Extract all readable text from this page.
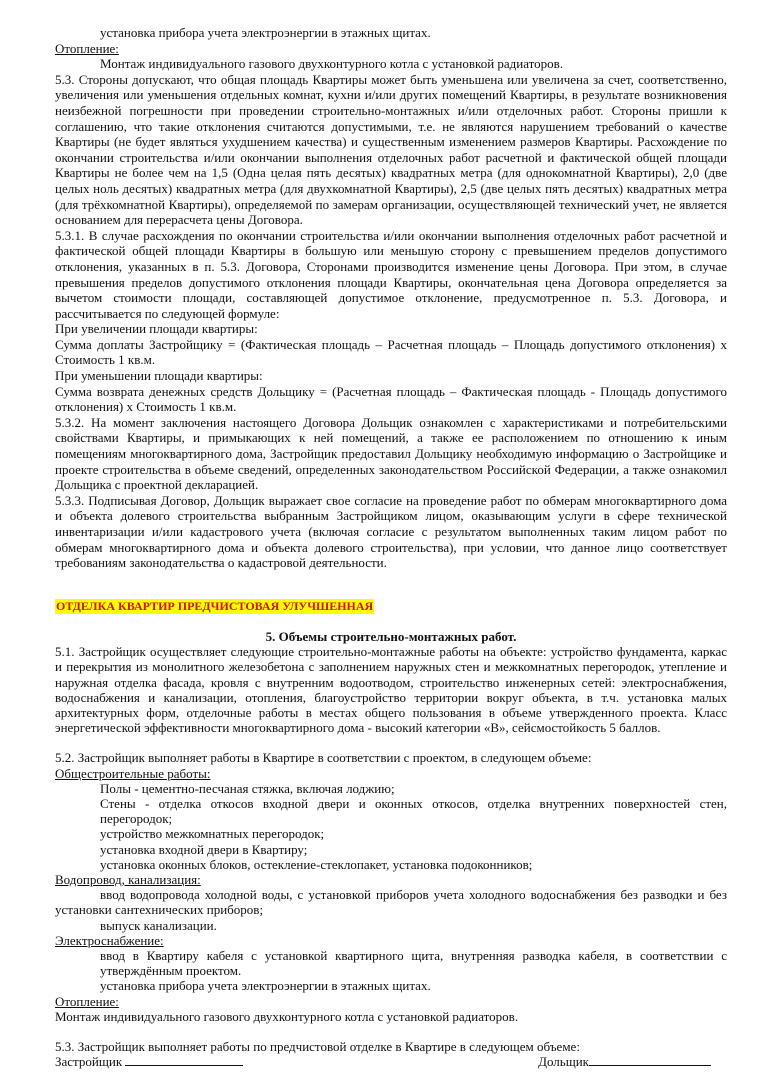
установка прибора учета электроэнергии в этажных щитах.

Отопление:

Монтаж индивидуального газового двухконтурного котла с установкой радиаторов.

5.3. Стороны допускают, что общая площадь Квартиры может быть уменьшена или увеличена за счет, соответственно, увеличения или уменьшения отдельных комнат, кухни и/или других помещений Квартиры, в результате возникновения неизбежной погрешности при проведении строительно-монтажных и/или отделочных работ. Стороны пришли к соглашению, что такие отклонения считаются допустимыми, т.е. не являются нарушением требований о качестве Квартиры (не будет являться ухудшением качества) и существенным изменением размеров Квартиры. Расхождение по окончании строительства и/или окончании выполнения отделочных работ расчетной и фактической общей площади Квартиры не более чем на 1,5 (Одна целая пять десятых) квадратных метра (для однокомнатной Квартиры), 2,0 (две целых ноль десятых) квадратных метра (для двухкомнатной Квартиры), 2,5 (две целых пять десятых) квадратных метра (для трёхкомнатной Квартиры), определяемой по замерам организации, осуществляющей технический учет, не является основанием для перерасчета цены Договора.

5.3.1. В случае расхождения по окончании строительства и/или окончании выполнения отделочных работ расчетной и фактической общей площади Квартиры в большую или меньшую сторону с превышением пределов допустимого отклонения, указанных в п. 5.3. Договора, Сторонами производится изменение цены Договора. При этом, в случае превышения пределов допустимого отклонения площади Квартиры, окончательная цена Договора определяется за вычетом стоимости площади, составляющей допустимое отклонение, предусмотренное п. 5.3. Договора, и рассчитывается по следующей формуле:

При увеличении площади квартиры:

Сумма доплаты Застройщику = (Фактическая площадь – Расчетная площадь – Площадь допустимого отклонения) х Стоимость 1 кв.м.

При уменьшении площади квартиры:

Сумма возврата денежных средств Дольщику = (Расчетная площадь – Фактическая площадь - Площадь допустимого отклонения) х Стоимость 1 кв.м.

5.3.2. На момент заключения настоящего Договора Дольщик ознакомлен с характеристиками и потребительскими свойствами Квартиры, и примыкающих к ней помещений, а также ее расположением по отношению к иным помещениям многоквартирного дома, Застройщик предоставил Дольщику необходимую информацию о Застройщике и проекте строительства в объеме сведений, определенных законодательством Российской Федерации, а также ознакомил Дольщика с проектной декларацией.

5.3.3. Подписывая Договор, Дольщик выражает свое согласие на проведение работ по обмерам многоквартирного дома и объекта долевого строительства выбранным Застройщиком лицом, оказывающим услуги в сфере технической инвентаризации и/или кадастрового учета (включая согласие с результатом выполненных таким лицом работ по обмерам многоквартирного дома и объекта долевого строительства), при условии, что данное лицо соответствует требованиям законодательства о кадастровой деятельности.

ОТДЕЛКА КВАРТИР ПРЕДЧИСТОВАЯ УЛУЧШЕННАЯ

5. Объемы строительно-монтажных работ.

5.1. Застройщик осуществляет следующие строительно-монтажные работы на объекте: устройство фундамента, каркас и перекрытия из монолитного железобетона с заполнением наружных стен и межкомнатных перегородок, утепление и наружная отделка фасада, кровля с внутренним водоотводом, строительство инженерных сетей: электроснабжения, водоснабжения и канализации, отопления, благоустройство территории вокруг объекта, в т.ч. установка малых архитектурных форм, отделочные работы в местах общего пользования в объеме утвержденного проекта. Класс энергетической эффективности многоквартирного дома - высокий категории «В», сейсмостойкость 5 баллов.

5.2. Застройщик выполняет работы в Квартире в соответствии с проектом, в следующем объеме:

Общестроительные работы:

Полы - цементно-песчаная стяжка, включая лоджию;

Стены - отделка откосов входной двери и оконных откосов, отделка внутренних поверхностей стен, перегородок;

устройство межкомнатных перегородок;

установка входной двери в Квартиру;

установка оконных блоков, остекление-стеклопакет, установка подоконников;

Водопровод, канализация:

ввод водопровода холодной воды, с установкой приборов учета холодного водоснабжения без разводки и без установки сантехнических приборов;

выпуск канализации.

Электроснабжение:

ввод в Квартиру кабеля с установкой квартирного щита, внутренняя разводка кабеля, в соответствии с утверждённым проектом.

установка прибора учета электроэнергии в этажных щитах.

Отопление:

Монтаж индивидуального газового двухконтурного котла с установкой радиаторов.

5.3. Застройщик выполняет работы по предчистовой отделке в Квартире в следующем объеме:

Застройщик	Дольщик
